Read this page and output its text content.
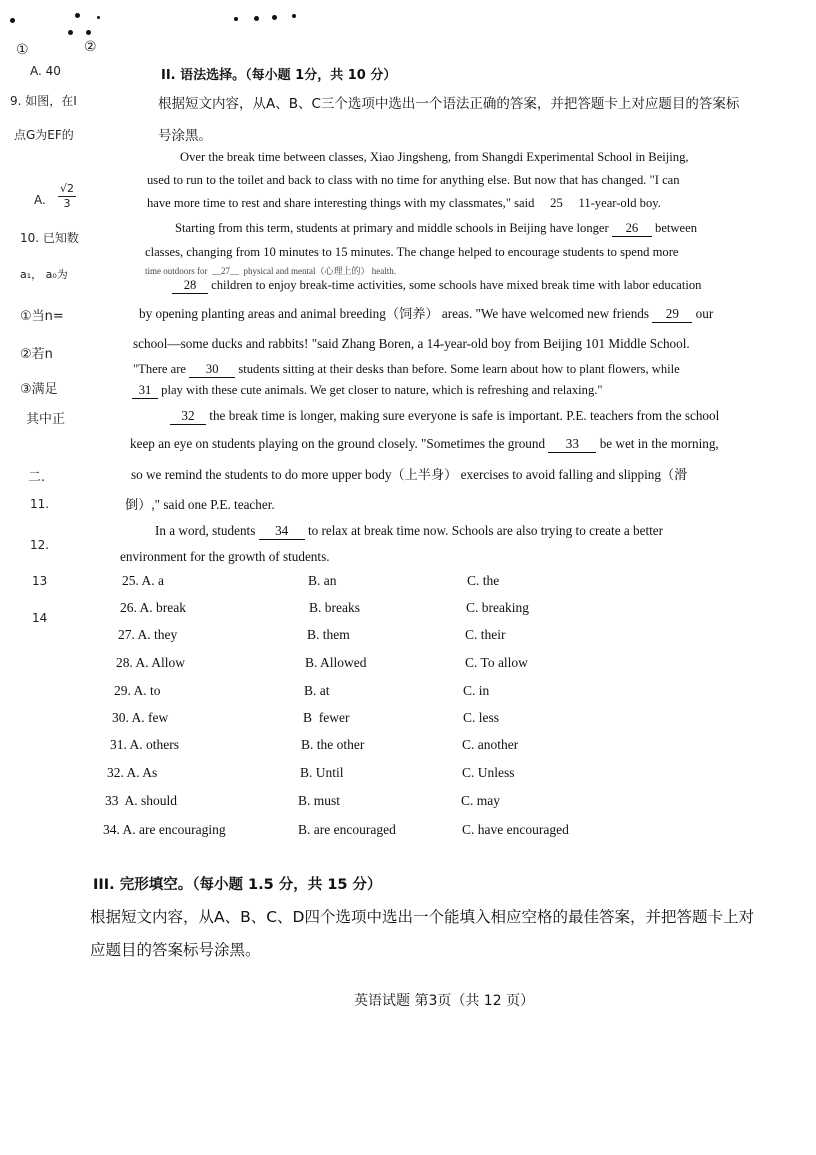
①	②
A. 40
9. 如图，在I
点G为EF的
A. $\frac{√2}{3}$
10. 已知数
a₁， a₀为
①当n=
②若n
③满足
其中正
二.
11.
12.
13
14
II. 语法选择。（每小题 1分，共 10 分）
根据短文内容，从A、B、C三个选项中选出一个语法正确的答案，并把答题卡上对应题目的答案标
号涂黑。
Over the break time between classes, Xiao Jingsheng, from Shangdi Experimental School in Beijing,
used to run to the toilet and back to class with no time for anything else. But now that has changed. "I can
have more time to rest and share interesting things with my classmates," said     25     11-year-old boy.
Starting from this term, students at primary and middle schools in Beijing have longer 26 between
classes, changing from 10 minutes to 15 minutes. The change helped to encourage students to spend more
time outdoors for  __27__  physical and mental（心理上的） health.
28 children to enjoy break-time activities, some schools have mixed break time with labor education
by opening planting areas and animal breeding（饲养） areas. "We have welcomed new friends 29 our
school—some ducks and rabbits! "said Zhang Boren, a 14-year-old boy from Beijing 101 Middle School.
"There are 30 students sitting at their desks than before. Some learn about how to plant flowers, while
31 play with these cute animals. We get closer to nature, which is refreshing and relaxing."
32 the break time is longer, making sure everyone is safe is important. P.E. teachers from the school
keep an eye on students playing on the ground closely. "Sometimes the ground 33 be wet in the morning,
so we remind the students to do more upper body（上半身） exercises to avoid falling and slipping（滑
倒）," said one P.E. teacher.
In a word, students 34 to relax at break time now. Schools are also trying to create a better
environment for the growth of students.
25. A. a	B. an	C. the
26. A. break	B. breaks	C. breaking
27. A. they	B. them	C. their
28. A. Allow	B. Allowed	C. To allow
29. A. to	B. at	C. in
30. A. few	B  fewer	C. less
31. A. others	B. the other	C. another
32. A. As	B. Until	C. Unless
33  A. should	B. must	C. may
34. A. are encouraging	B. are encouraged	C. have encouraged
III. 完形填空。（每小题 1.5 分，共 15 分）
根据短文内容，从A、B、C、D四个选项中选出一个能填入相应空格的最佳答案，并把答题卡上对
应题目的答案标号涂黑。
英语试题 第3页（共 12 页）
